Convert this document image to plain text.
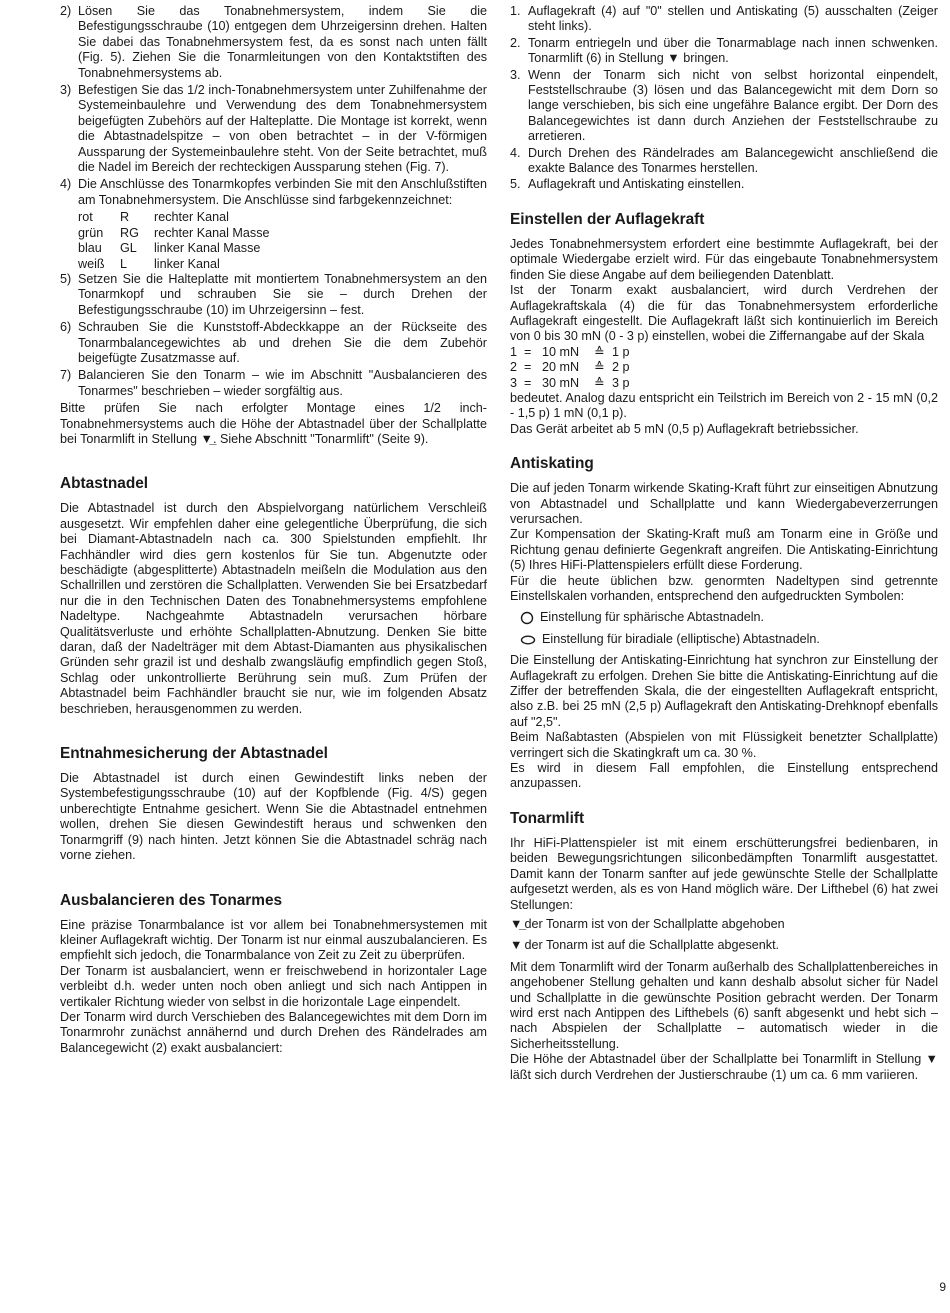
2) Lösen Sie das Tonabnehmersystem, indem Sie die Befestigungsschraube (10) entgegen dem Uhrzeigersinn drehen. Halten Sie dabei das Tonabnehmersystem fest, da es sonst nach unten fällt (Fig. 5). Ziehen Sie die Tonarmleitungen von den Kontaktstiften des Tonabnehmersystems ab.
3) Befestigen Sie das 1/2 inch-Tonabnehmersystem unter Zuhilfenahme der Systemeinbaulehre und Verwendung des dem Tonabnehmersystem beigefügten Zubehörs auf der Halteplatte. Die Montage ist korrekt, wenn die Abtastnadelspitze – von oben betrachtet – in der V-förmigen Aussparung der Systemeinbaulehre steht. Von der Seite betrachtet, muß die Nadel im Bereich der rechteckigen Aussparung stehen (Fig. 7).
4) Die Anschlüsse des Tonarmkopfes verbinden Sie mit den Anschlußstiften am Tonabnehmersystem. Die Anschlüsse sind farbgekennzeichnet:
rot	R	rechter Kanal
grün	RG	rechter Kanal Masse
blau	GL	linker Kanal Masse
weiß	L	linker Kanal
5) Setzen Sie die Halteplatte mit montiertem Tonabnehmersystem an den Tonarmkopf und schrauben Sie sie – durch Drehen der Befestigungsschraube (10) im Uhrzeigersinn – fest.
6) Schrauben Sie die Kunststoff-Abdeckkappe an der Rückseite des Tonarmbalancegewichtes ab und drehen Sie die dem Zubehör beigefügte Zusatzmasse auf.
7) Balancieren Sie den Tonarm – wie im Abschnitt "Ausbalancieren des Tonarmes" beschrieben – wieder sorgfältig aus.

Bitte prüfen Sie nach erfolgter Montage eines 1/2 inch-Tonabnehmersystems auch die Höhe der Abtastnadel über der Schallplatte bei Tonarmlift in Stellung ▼̲. Siehe Abschnitt "Tonarmlift" (Seite 9).

Abtastnadel

Die Abtastnadel ist durch den Abspielvorgang natürlichem Verschleiß ausgesetzt. Wir empfehlen daher eine gelegentliche Überprüfung, die sich bei Diamant-Abtastnadeln nach ca. 300 Spielstunden empfiehlt. Ihr Fachhändler wird dies gern kostenlos für Sie tun. Abgenutzte oder beschädigte (abgesplitterte) Abtastnadeln meißeln die Modulation aus den Schallrillen und zerstören die Schallplatten. Verwenden Sie bei Ersatzbedarf nur die in den Technischen Daten des Tonabnehmersystems empfohlene Nadeltype. Nachgeahmte Abtastnadeln verursachen hörbare Qualitätsverluste und erhöhte Schallplatten-Abnutzung. Denken Sie bitte daran, daß der Nadelträger mit dem Abtast-Diamanten aus physikalischen Gründen sehr grazil ist und deshalb zwangsläufig empfindlich gegen Stoß, Schlag oder unkontrollierte Berührung sein muß. Zum Prüfen der Abtastnadel beim Fachhändler braucht sie nur, wie im folgenden Absatz beschrieben, herausgenommen zu werden.

Entnahmesicherung der Abtastnadel

Die Abtastnadel ist durch einen Gewindestift links neben der Systembefestigungsschraube (10) auf der Kopfblende (Fig. 4/S) gegen unberechtigte Entnahme gesichert. Wenn Sie die Abtastnadel entnehmen wollen, drehen Sie diesen Gewindestift heraus und schwenken den Tonarmgriff (9) nach hinten. Jetzt können Sie die Abtastnadel schräg nach vorne ziehen.

Ausbalancieren des Tonarmes

Eine präzise Tonarmbalance ist vor allem bei Tonabnehmersystemen mit kleiner Auflagekraft wichtig. Der Tonarm ist nur einmal auszubalancieren. Es empfiehlt sich jedoch, die Tonarmbalance von Zeit zu Zeit zu überprüfen.

Der Tonarm ist ausbalanciert, wenn er freischwebend in horizontaler Lage verbleibt d.h. weder unten noch oben anliegt und sich nach Antippen in vertikaler Richtung wieder von selbst in die horizontale Lage einpendelt.

Der Tonarm wird durch Verschieben des Balancegewichtes mit dem Dorn im Tonarmrohr zunächst annähernd und durch Drehen des Rändelrades am Balancegewicht (2) exakt ausbalanciert:

1. Auflagekraft (4) auf "0" stellen und Antiskating (5) ausschalten (Zeiger steht links).
2. Tonarm entriegeln und über die Tonarmablage nach innen schwenken. Tonarmlift (6) in Stellung ▼ bringen.
3. Wenn der Tonarm sich nicht von selbst horizontal einpendelt, Feststellschraube (3) lösen und das Balancegewicht mit dem Dorn so lange verschieben, bis sich eine ungefähre Balance ergibt. Der Dorn des Balancegewichtes ist dann durch Anziehen der Feststellschraube zu arretieren.
4. Durch Drehen des Rändelrades am Balancegewicht anschließend die exakte Balance des Tonarmes herstellen.
5. Auflagekraft und Antiskating einstellen.
Einstellen der Auflagekraft

Jedes Tonabnehmersystem erfordert eine bestimmte Auflagekraft, bei der optimale Wiedergabe erzielt wird. Für das eingebaute Tonabnehmersystem finden Sie diese Angabe auf dem beiliegenden Datenblatt.

Ist der Tonarm exakt ausbalanciert, wird durch Verdrehen der Auflagekraftskala (4) die für das Tonabnehmersystem erforderliche Auflagekraft eingestellt. Die Auflagekraft läßt sich kontinuierlich im Bereich von 0 bis 30 mN (0 - 3 p) einstellen, wobei die Ziffernangabe auf der Skala

1 = 10 mN	≙ 1 p
2 = 20 mN	≙ 2 p
3 = 30 mN	≙ 3 p

bedeutet. Analog dazu entspricht ein Teilstrich im Bereich von 2 - 15 mN (0,2 - 1,5 p) 1 mN (0,1 p).

Das Gerät arbeitet ab 5 mN (0,5 p) Auflagekraft betriebssicher.

Antiskating

Die auf jeden Tonarm wirkende Skating-Kraft führt zur einseitigen Abnutzung von Abtastnadel und Schallplatte und kann Wiedergabeverzerrungen verursachen.

Zur Kompensation der Skating-Kraft muß am Tonarm eine in Größe und Richtung genau definierte Gegenkraft angreifen. Die Antiskating-Einrichtung (5) Ihres HiFi-Plattenspielers erfüllt diese Forderung.

Für die heute üblichen bzw. genormten Nadeltypen sind getrennte Einstellskalen vorhanden, entsprechend den aufgedruckten Symbolen:

Einstellung für sphärische Abtastnadeln.
Einstellung für biradiale (elliptische) Abtastnadeln.

Die Einstellung der Antiskating-Einrichtung hat synchron zur Einstellung der Auflagekraft zu erfolgen. Drehen Sie bitte die Antiskating-Einrichtung auf die Ziffer der betreffenden Skala, die der eingestellten Auflagekraft entspricht, also z.B. bei 25 mN (2,5 p) Auflagekraft den Antiskating-Drehknopf ebenfalls auf "2,5".

Beim Naßabtasten (Abspielen von mit Flüssigkeit benetzter Schallplatte) verringert sich die Skatingkraft um ca. 30 %.

Es wird in diesem Fall empfohlen, die Einstellung entsprechend anzupassen.

Tonarmlift

Ihr HiFi-Plattenspieler ist mit einem erschütterungsfrei bedienbaren, in beiden Bewegungsrichtungen siliconbedämpften Tonarmlift ausgestattet. Damit kann der Tonarm sanfter auf jede gewünschte Stelle der Schallplatte aufgesetzt werden, als es von Hand möglich wäre. Der Lifthebel (6) hat zwei Stellungen:

▼̲ der Tonarm ist von der Schallplatte abgehoben
▼ der Tonarm ist auf die Schallplatte abgesenkt.

Mit dem Tonarmlift wird der Tonarm außerhalb des Schallplattenbereiches in angehobener Stellung gehalten und kann deshalb absolut sicher für Nadel und Schallplatte in die gewünschte Position gebracht werden. Der Tonarm wird erst nach Antippen des Lifthebels (6) sanft abgesenkt und hebt sich – nach Abspielen der Schallplatte – automatisch wieder in die Sicherheitsstellung.

Die Höhe der Abtastnadel über der Schallplatte bei Tonarmlift in Stellung ▼ läßt sich durch Verdrehen der Justierschraube (1) um ca. 6 mm variieren.

9
